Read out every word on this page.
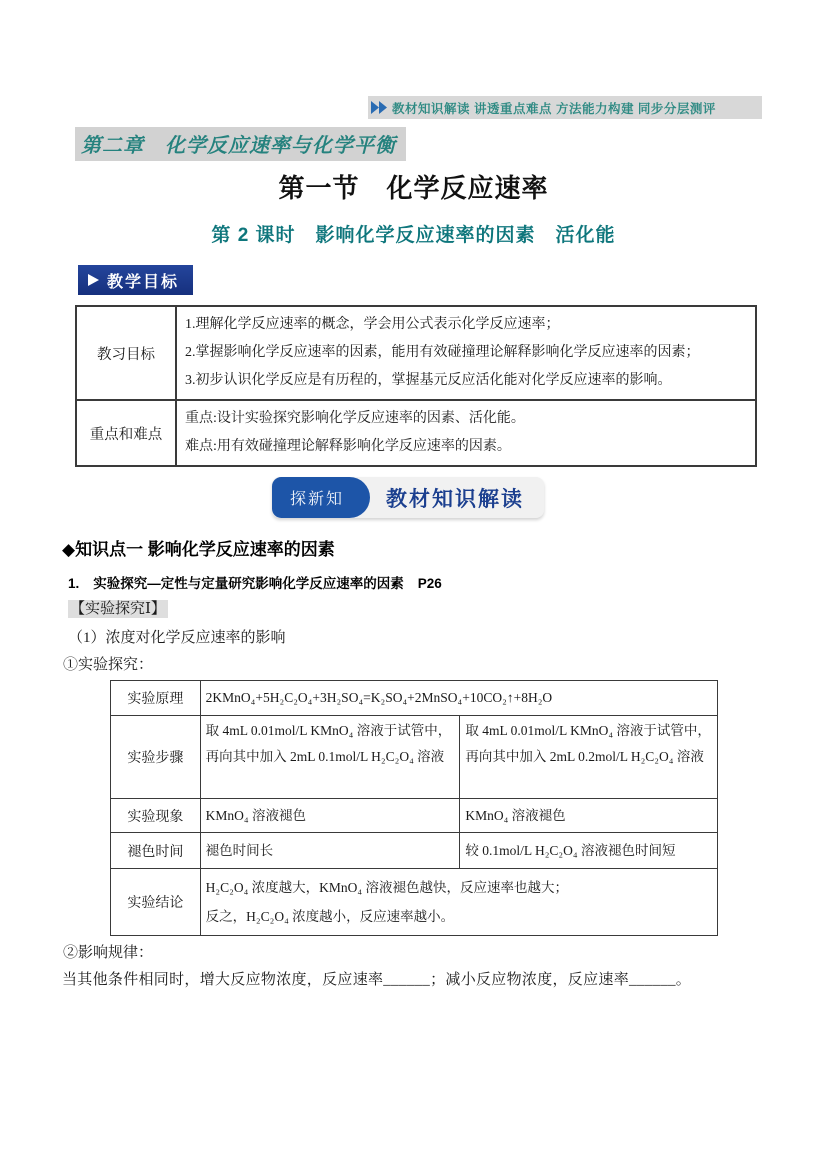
教材知识解读 讲透重点难点 方法能力构建 同步分层测评
第二章　化学反应速率与化学平衡
第一节　化学反应速率
第 2 课时　影响化学反应速率的因素　活化能
教学目标
教习目标	1.理解化学反应速率的概念，学会用公式表示化学反应速率；
2.掌握影响化学反应速率的因素，能用有效碰撞理论解释影响化学反应速率的因素；
3.初步认识化学反应是有历程的，掌握基元反应活化能对化学反应速率的影响。

重点和难点	重点:设计实验探究影响化学反应速率的因素、活化能。
难点:用有效碰撞理论解释影响化学反应速率的因素。
探新知	教材知识解读
◆知识点一 影响化学反应速率的因素
1. 实验探究—定性与定量研究影响化学反应速率的因素 P26
【实验探究Ⅰ】
（1）浓度对化学反应速率的影响
①实验探究：
实验原理	2KMnO₄+5H₂C₂O₄+3H₂SO₄=K₂SO₄+2MnSO₄+10CO₂↑+8H₂O	
实验步骤	取 4mL 0.01mol/L KMnO₄ 溶液于试管中，再向其中加入 2mL 0.1mol/L H₂C₂O₄ 溶液	取 4mL 0.01mol/L KMnO₄ 溶液于试管中，再向其中加入 2mL 0.2mol/L H₂C₂O₄ 溶液
实验现象	KMnO₄ 溶液褪色	KMnO₄ 溶液褪色
褪色时间	褪色时间长	较 0.1mol/L H₂C₂O₄ 溶液褪色时间短
实验结论	H₂C₂O₄ 浓度越大，KMnO₄ 溶液褪色越快，反应速率也越大；
反之，H₂C₂O₄ 浓度越小，反应速率越小。	
②影响规律：
当其他条件相同时，增大反应物浓度，反应速率______；减小反应物浓度，反应速率______。
